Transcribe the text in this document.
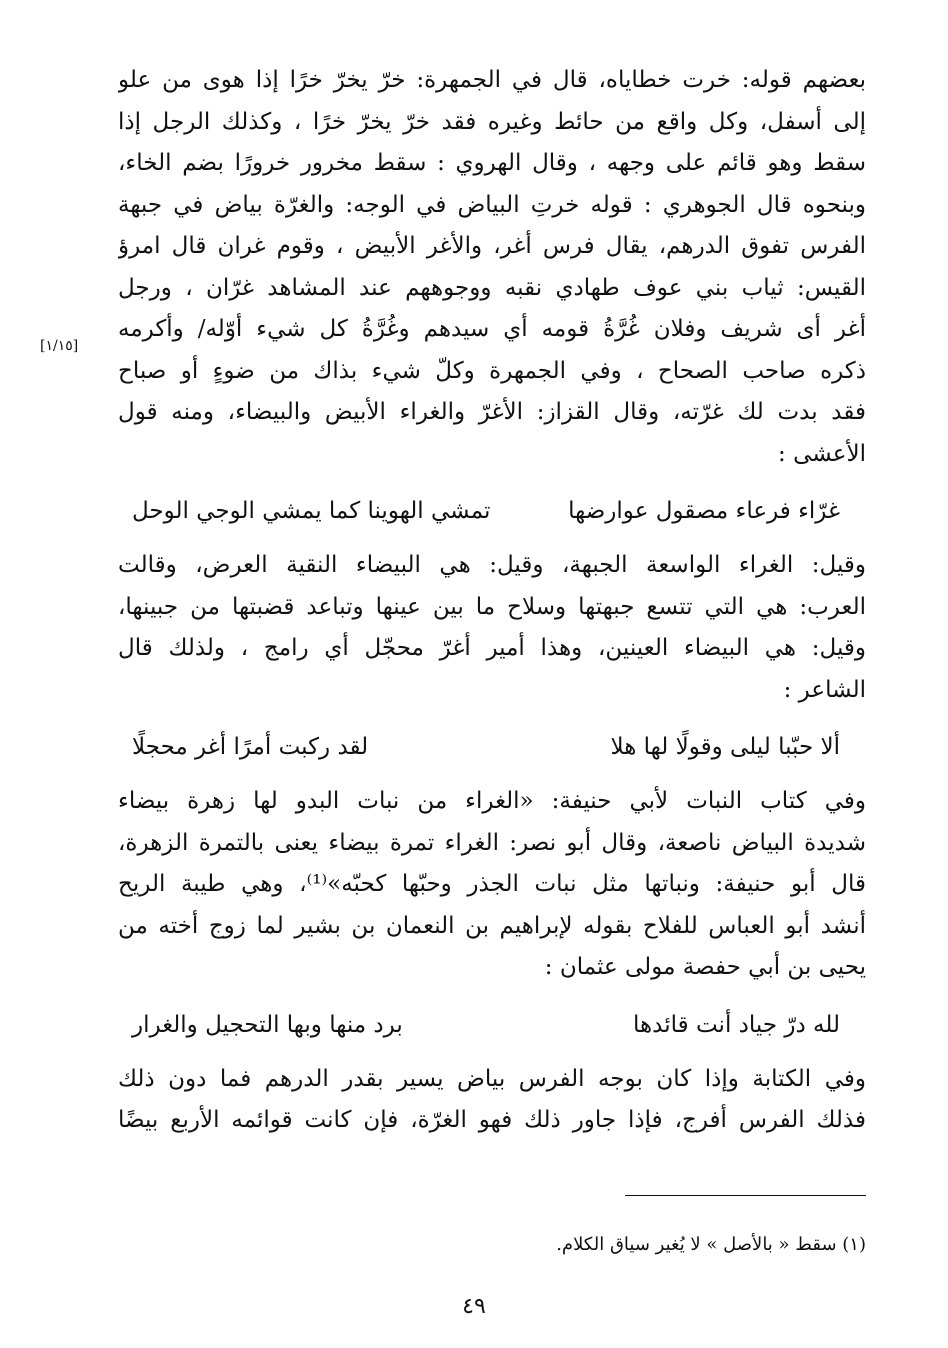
بعضهم قوله: خرت خطاياه، قال في الجمهرة: خرّ يخرّ خرًا إذا هوى من علو
إلى أسفل، وكل واقع من حائط وغيره فقد خرّ يخرّ خرًا ، وكذلك الرجل إذا
سقط وهو قائم على وجهه ، وقال الهروي : سقط مخرور خرورًا بضم الخاء،
وبنحوه قال الجوهري : قوله خرتِ البياض في الوجه: والغرّة بياض في جبهة
الفرس تفوق الدرهم، يقال فرس أغر، والأغر الأبيض ، وقوم غران قال امرؤ
القيس: ثياب بني عوف طهادي نقبه ووجوههم عند المشاهد غرّان ، ورجل
أغر أى شريف وفلان غُرَّةُ قومه أي سيدهم وغُرَّةُ كل شيء أوّله/ وأكرمه
ذكره صاحب الصحاح ، وفي الجمهرة وكلّ شيء بذاك من ضوءٍ أو صباح
فقد بدت لك غرّته، وقال القزاز: الأغرّ والغراء الأبيض والبيضاء، ومنه قول
الأعشى :
غرّاء فرعاء مصقول عوارضها
تمشي الهوينا كما يمشي الوجي الوحل
وقيل: الغراء الواسعة الجبهة، وقيل: هي البيضاء النقية العرض، وقالت
العرب: هي التي تتسع جبهتها وسلاح ما بين عينها وتباعد قضبتها من جبينها،
وقيل: هي البيضاء العينين، وهذا أمير أغرّ محجّل أي رامج ، ولذلك قال
الشاعر :
ألا حبّبا ليلى وقولًا لها هلا
لقد ركبت أمرًا أغر محجلًا
وفي كتاب النبات لأبي حنيفة: «الغراء من نبات البدو لها زهرة بيضاء
شديدة البياض ناصعة، وقال أبو نصر: الغراء تمرة بيضاء يعنى بالتمرة الزهرة،
قال أبو حنيفة: ونباتها مثل نبات الجذر وحبّها كحبّه»⁽¹⁾، وهي طيبة الريح
أنشد أبو العباس للفلاح بقوله لإبراهيم بن النعمان بن بشير لما زوج أخته من
يحيى بن أبي حفصة مولى عثمان :
لله درّ جياد أنت قائدها
برد منها وبها التحجيل والغرار
وفي الكتابة وإذا كان بوجه الفرس بياض يسير بقدر الدرهم فما دون ذلك
فذلك الفرس أفرج، فإذا جاور ذلك فهو الغرّة، فإن كانت قوائمه الأربع بيضًا
[١/١٥]
(١) سقط « بالأصل » لا يُغير سياق الكلام.
٤٩
